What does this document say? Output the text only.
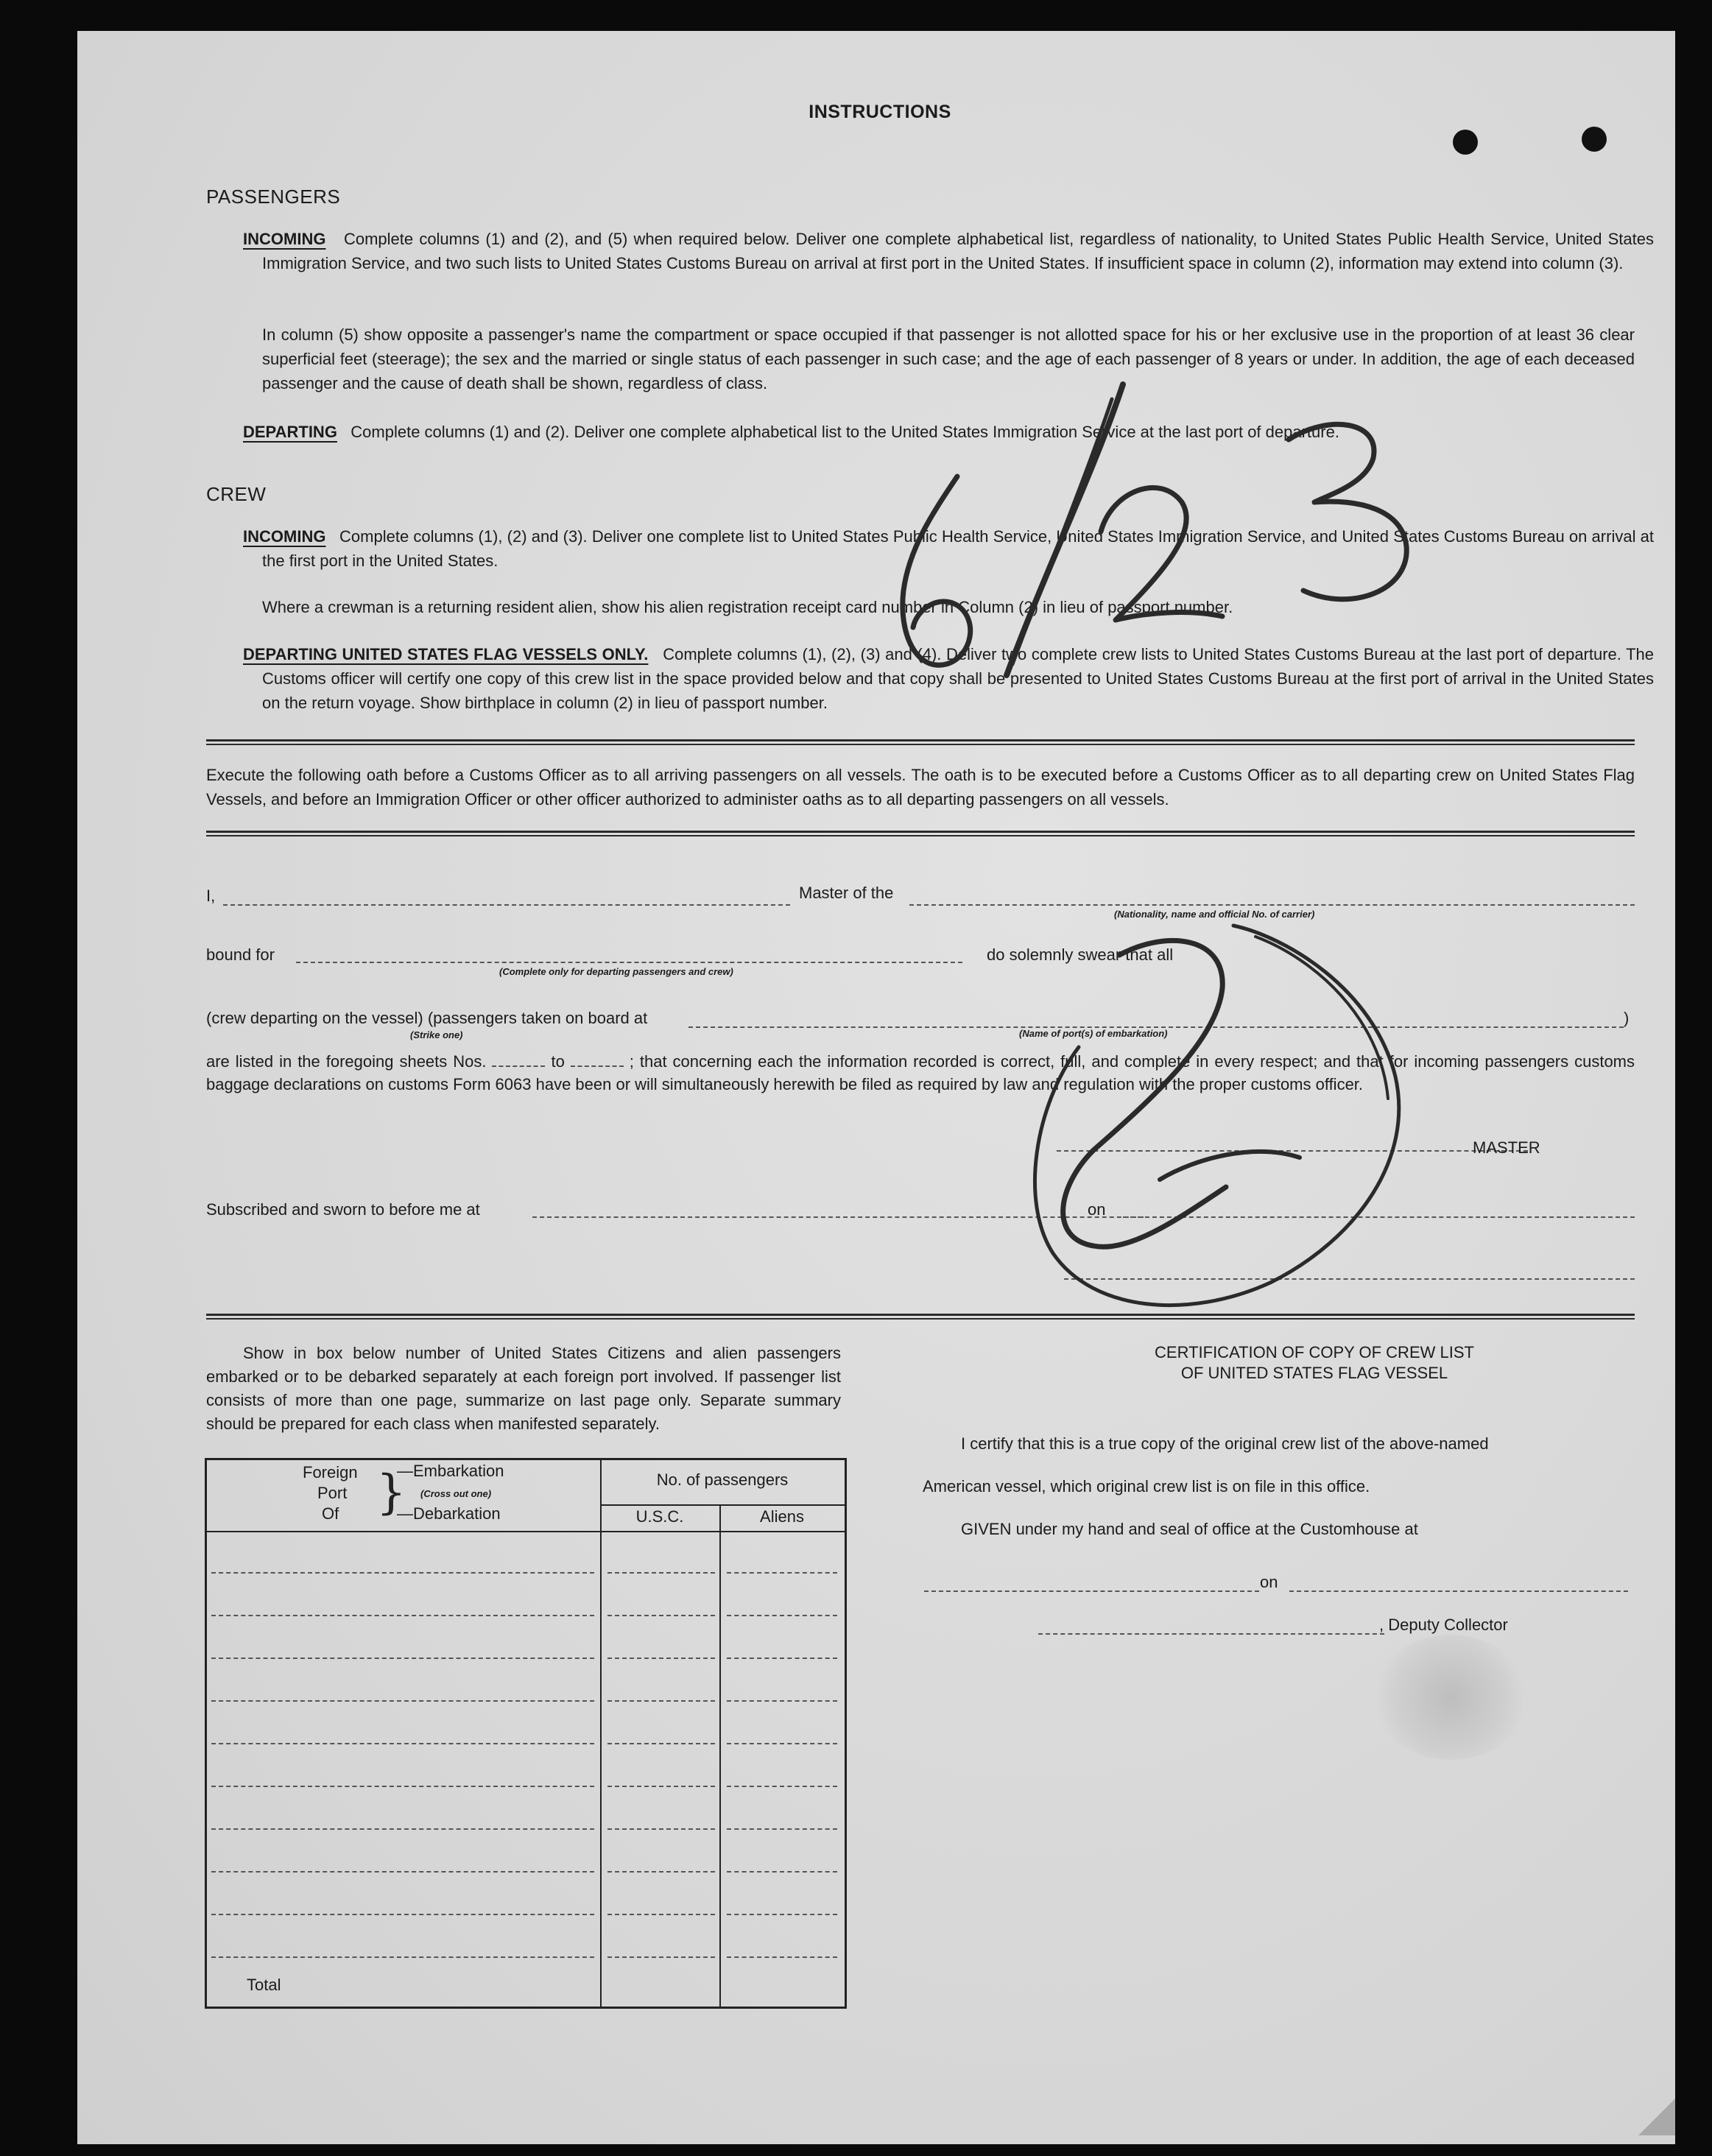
INSTRUCTIONS
PASSENGERS
INCOMING Complete columns (1) and (2), and (5) when required below. Deliver one complete alphabetical list, regardless of nationality, to United States Public Health Service, United States Immigration Service, and two such lists to United States Customs Bureau on arrival at first port in the United States. If insufficient space in column (2), information may extend into column (3).
In column (5) show opposite a passenger's name the compartment or space occupied if that passenger is not allotted space for his or her exclusive use in the proportion of at least 36 clear superficial feet (steerage); the sex and the married or single status of each passenger in such case; and the age of each passenger of 8 years or under. In addition, the age of each deceased passenger and the cause of death shall be shown, regardless of class.
DEPARTING Complete columns (1) and (2). Deliver one complete alphabetical list to the United States Immigration Service at the last port of departure.
CREW
INCOMING Complete columns (1), (2) and (3). Deliver one complete list to United States Public Health Service, United States Immigration Service, and United States Customs Bureau on arrival at the first port in the United States.
Where a crewman is a returning resident alien, show his alien registration receipt card number in Column (2) in lieu of passport number.
DEPARTING UNITED STATES FLAG VESSELS ONLY. Complete columns (1), (2), (3) and (4). Deliver two complete crew lists to United States Customs Bureau at the last port of departure. The Customs officer will certify one copy of this crew list in the space provided below and that copy shall be presented to United States Customs Bureau at the first port of arrival in the United States on the return voyage. Show birthplace in column (2) in lieu of passport number.
Execute the following oath before a Customs Officer as to all arriving passengers on all vessels. The oath is to be executed before a Customs Officer as to all departing crew on United States Flag Vessels, and before an Immigration Officer or other officer authorized to administer oaths as to all departing passengers on all vessels.
I,	Master of the
(Nationality, name and official No. of carrier)
bound for
(Complete only for departing passengers and crew)
do solemnly swear that all
(crew departing on the vessel) (passengers taken on board at	)
(Strike one)	(Name of port(s) of embarkation)
are listed in the foregoing sheets Nos.	to	; that concerning each the information recorded is correct, full, and complete in every respect; and that for incoming passengers customs baggage declarations on customs Form 6063 have been or will simultaneously herewith be filed as required by law and regulation with the proper customs officer.
MASTER
Subscribed and sworn to before me at	on
Show in box below number of United States Citizens and alien passengers embarked or to be debarked separately at each foreign port involved. If passenger list consists of more than one page, summarize on last page only. Separate summary should be prepared for each class when manifested separately.
Foreign
Port
Of }
—Embarkation
(Cross out one)
—Debarkation
No. of passengers
U.S.C.	Aliens
Total
CERTIFICATION OF COPY OF CREW LIST
OF UNITED STATES FLAG VESSEL
I certify that this is a true copy of the original crew list of the above-named
American vessel, which original crew list is on file in this office.
GIVEN under my hand and seal of office at the Customhouse at
on
, Deputy Collector
